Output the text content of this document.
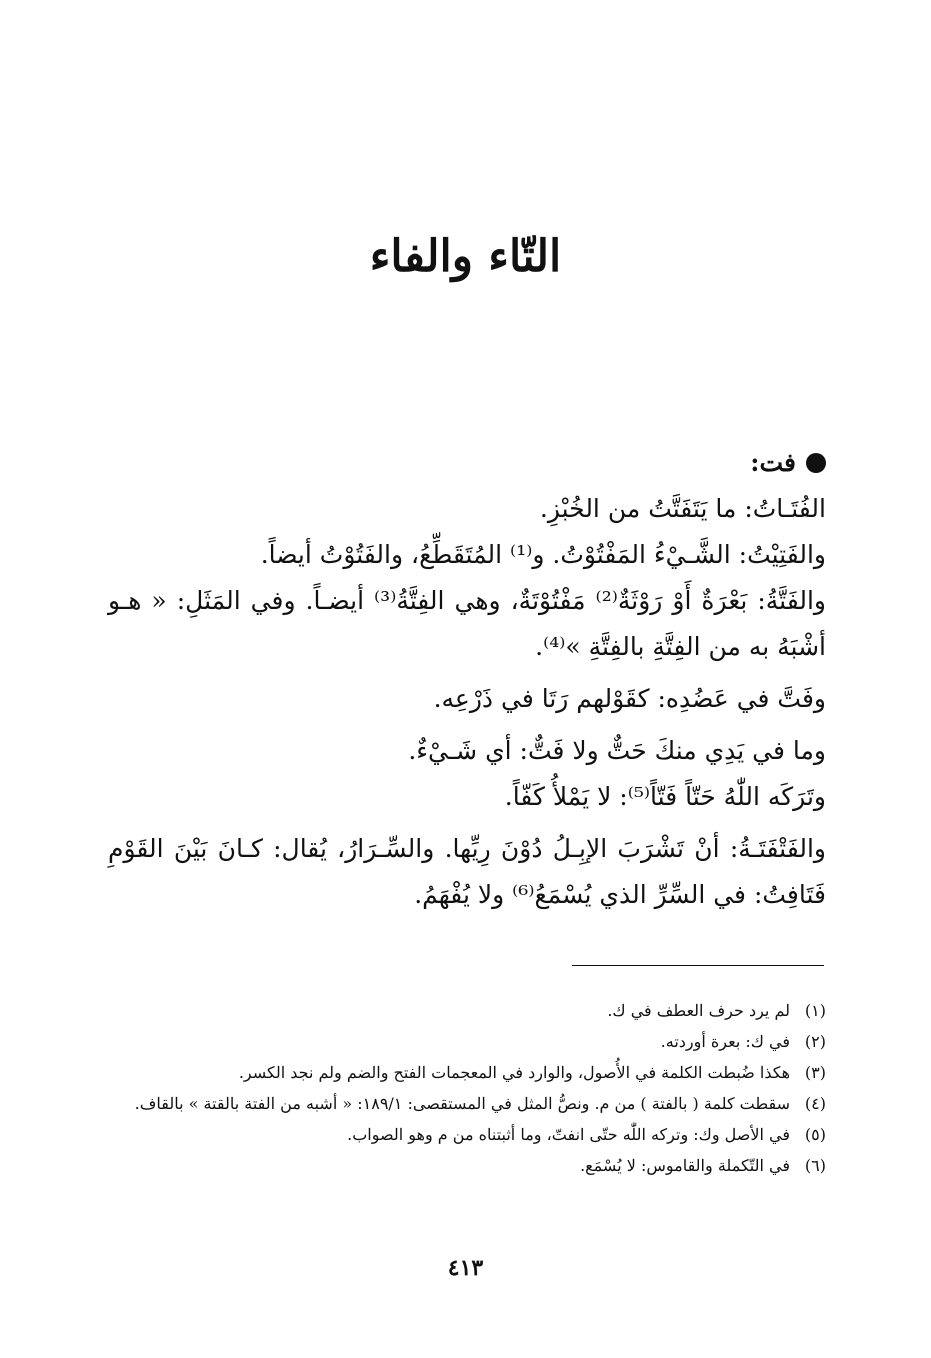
التّاء والفاء

فت:

الفُتَـاتُ: ما يَتَفَتَّتُ من الخُبْزِ.

والفَتِيْتُ: الشَّـيْءُ المَفْتُوْتُ. و⁽¹⁾ المُتَقَطِّعُ، والفَتُوْتُ أيضاً.

والفَتَّةُ: بَعْرَةٌ أَوْ رَوْثَةٌ⁽²⁾ مَفْتُوْتَةٌ، وهي الفِتَّةُ⁽³⁾ أيضـاً. وفي المَثَلِ: « هـو أشْبَهُ به من الفِتَّةِ بالفِتَّةِ »⁽⁴⁾.

وفَتَّ في عَضُدِه: كقَوْلهم رَتَا في ذَرْعِه.

وما في يَدِي منكَ حَتٌّ ولا فَتٌّ: أي شَـيْءٌ.

وتَرَكَه اللّٰهُ حَتّاً فَتّاً⁽⁵⁾: لا يَمْلأُ كَفّاً.

والفَتْفَتَـةُ: أنْ تَشْرَبَ الإبِـلُ دُوْنَ رِيِّها. والسِّـرَارُ، يُقال: كـانَ بَيْنَ القَوْمِ فَتَافِتُ: في السِّرِّ الذي يُسْمَعُ⁽⁶⁾ ولا يُفْهَمُ.

(١)
لم يرد حرف العطف في ك.
(٢)
في ك: بعرة أوردته.
(٣)
هكذا ضُبطت الكلمة في الأُصول، والوارد في المعجمات الفتح والضم ولم نجد الكسر.
(٤)
سقطت كلمة ( بالفتة ) من م. ونصُّ المثل في المستقصى: ١٨٩/١: « أشبه من الفتة بالقتة » بالقاف.
(٥)
في الأصل وك: وتركه اللّٰه حتّى انفتّ، وما أثبتناه من م وهو الصواب.
(٦)
في التّكملة والقاموس: لا يُسْمَع.
٤١٣
